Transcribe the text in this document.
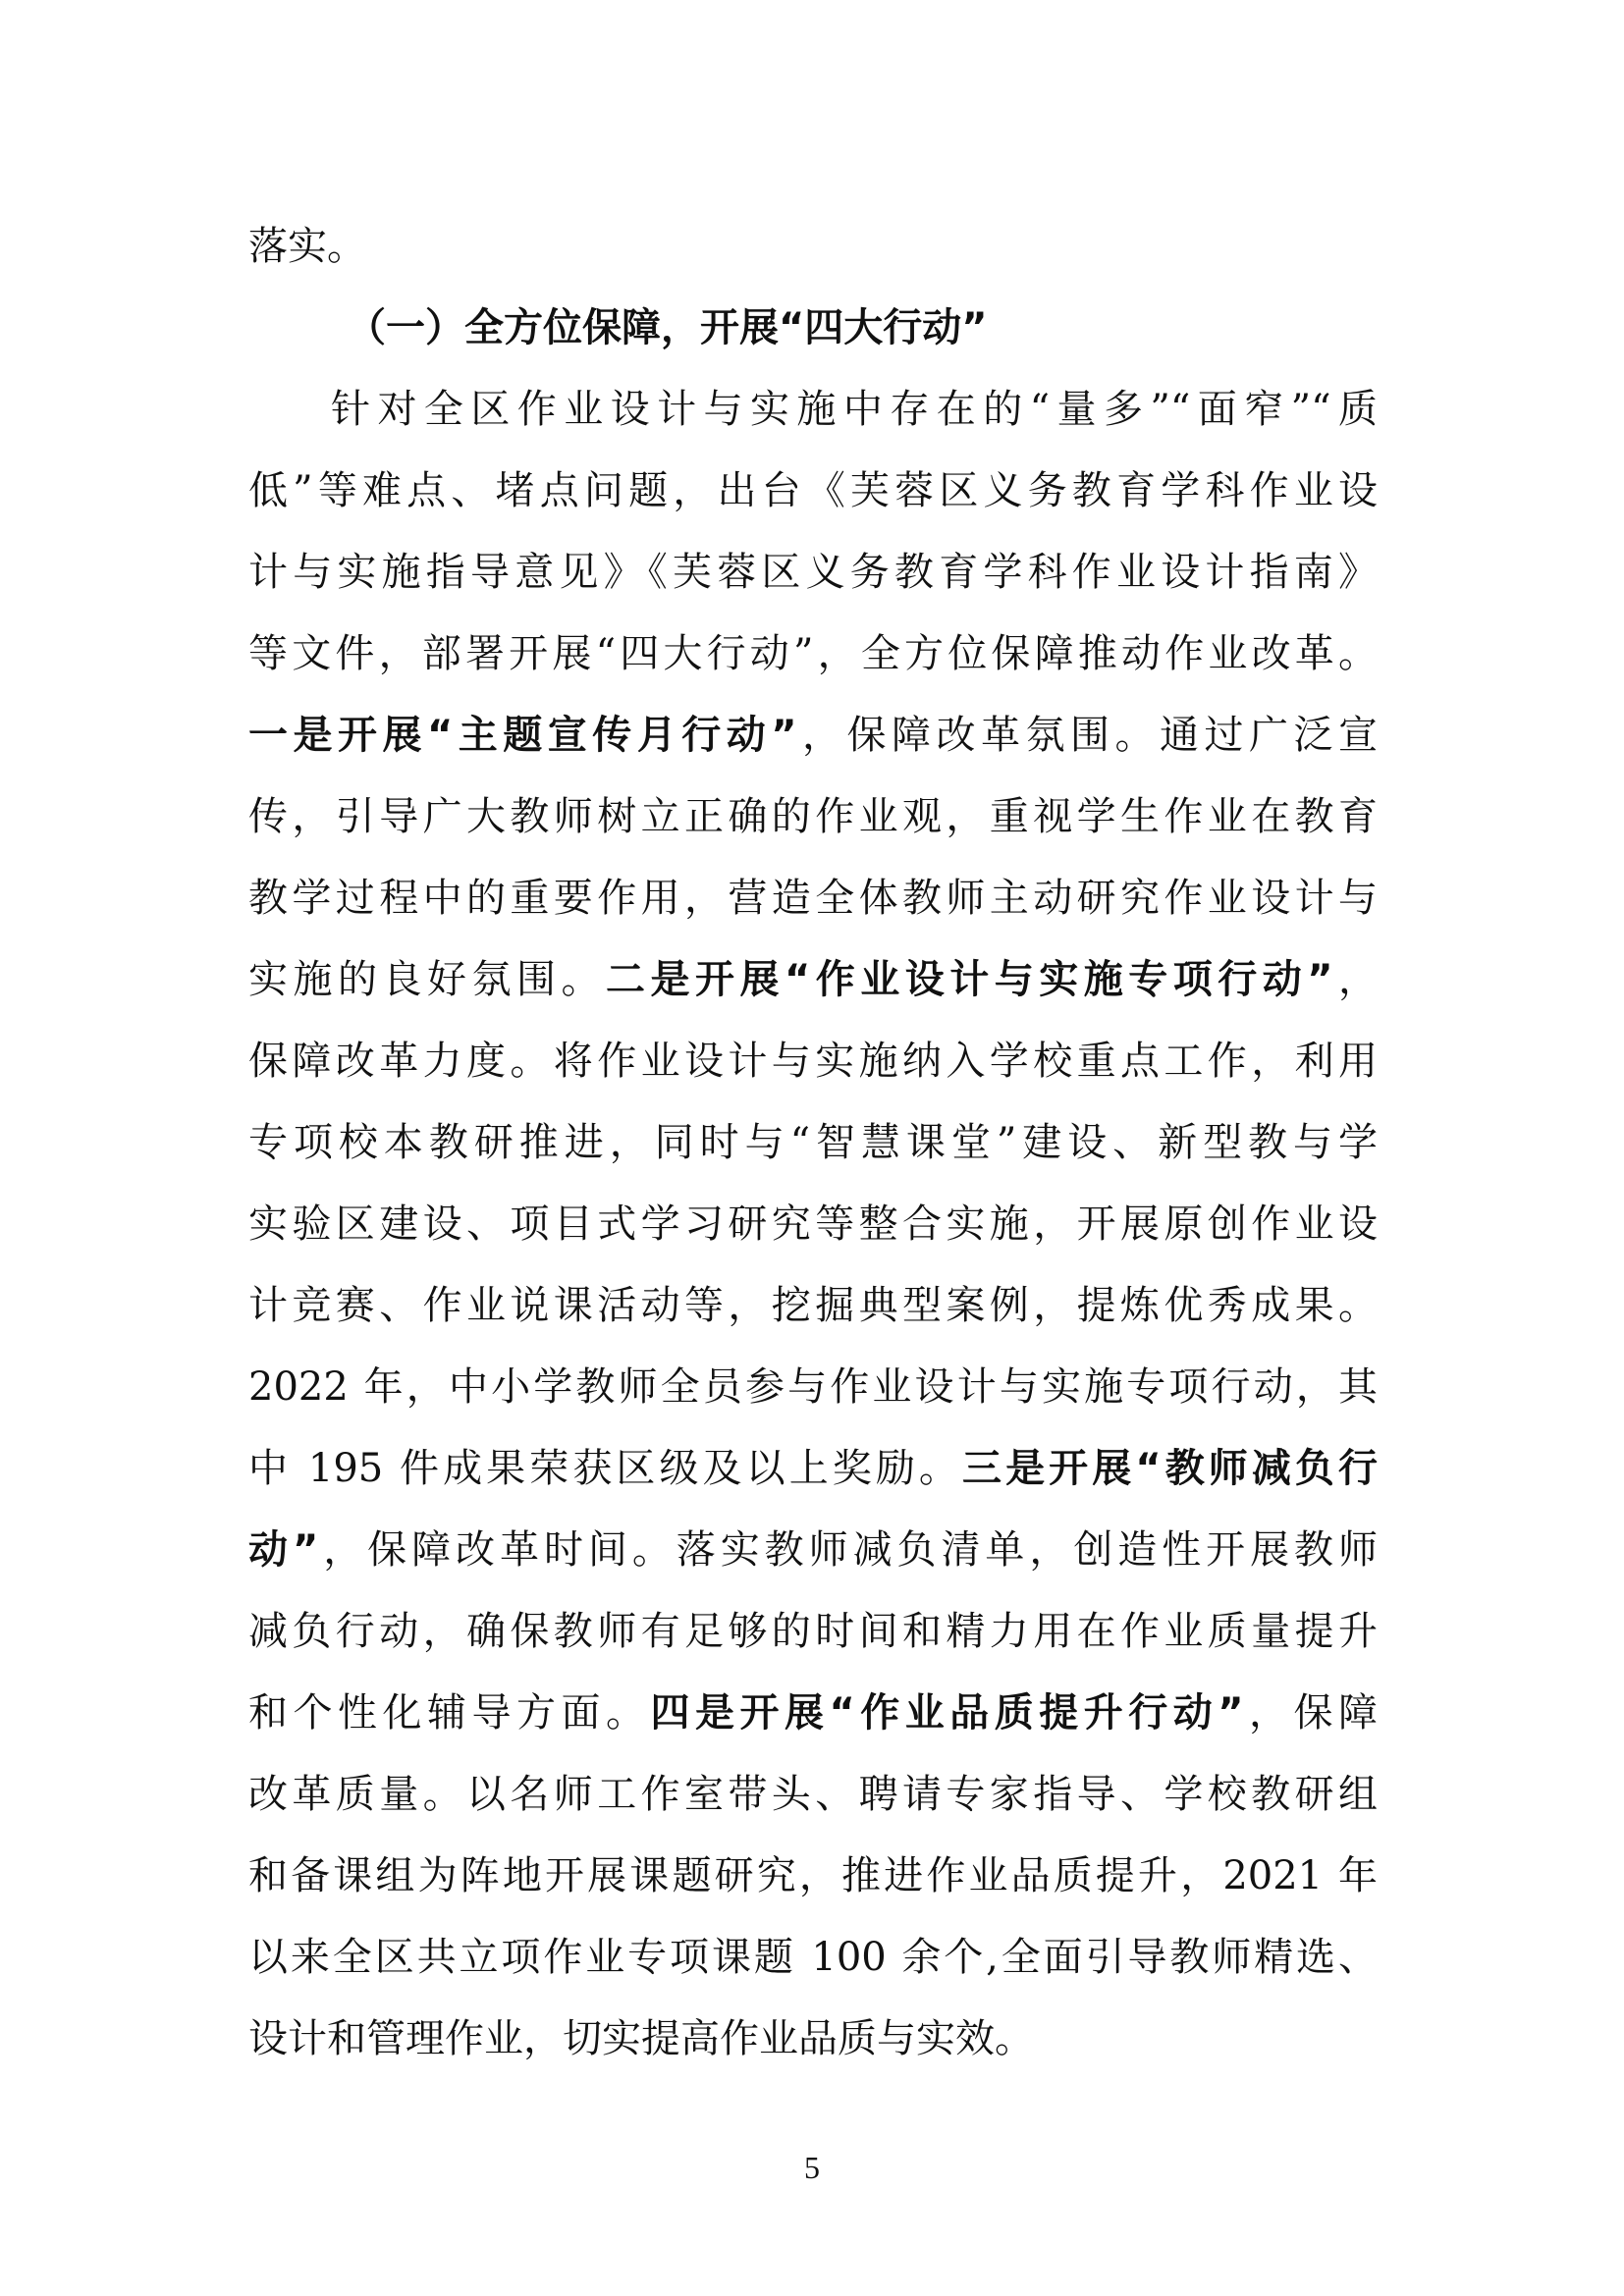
落实。
（一）全方位保障，开展“四大行动”
针对全区作业设计与实施中存在的“量多”“面窄”“质
低”等难点、堵点问题，出台《芙蓉区义务教育学科作业设
计与实施指导意见》《芙蓉区义务教育学科作业设计指南》
等文件，部署开展“四大行动”，全方位保障推动作业改革。
一是开展“主题宣传月行动”，保障改革氛围。通过广泛宣
传，引导广大教师树立正确的作业观，重视学生作业在教育
教学过程中的重要作用，营造全体教师主动研究作业设计与
实施的良好氛围。二是开展“作业设计与实施专项行动”，
保障改革力度。将作业设计与实施纳入学校重点工作，利用
专项校本教研推进，同时与“智慧课堂”建设、新型教与学
实验区建设、项目式学习研究等整合实施，开展原创作业设
计竞赛、作业说课活动等，挖掘典型案例，提炼优秀成果。
2022 年，中小学教师全员参与作业设计与实施专项行动，其
中 195 件成果荣获区级及以上奖励。三是开展“教师减负行
动”，保障改革时间。落实教师减负清单，创造性开展教师
减负行动，确保教师有足够的时间和精力用在作业质量提升
和个性化辅导方面。四是开展“作业品质提升行动”，保障
改革质量。以名师工作室带头、聘请专家指导、学校教研组
和备课组为阵地开展课题研究，推进作业品质提升，2021 年
以来全区共立项作业专项课题 100 余个,全面引导教师精选、
设计和管理作业，切实提高作业品质与实效。
5
